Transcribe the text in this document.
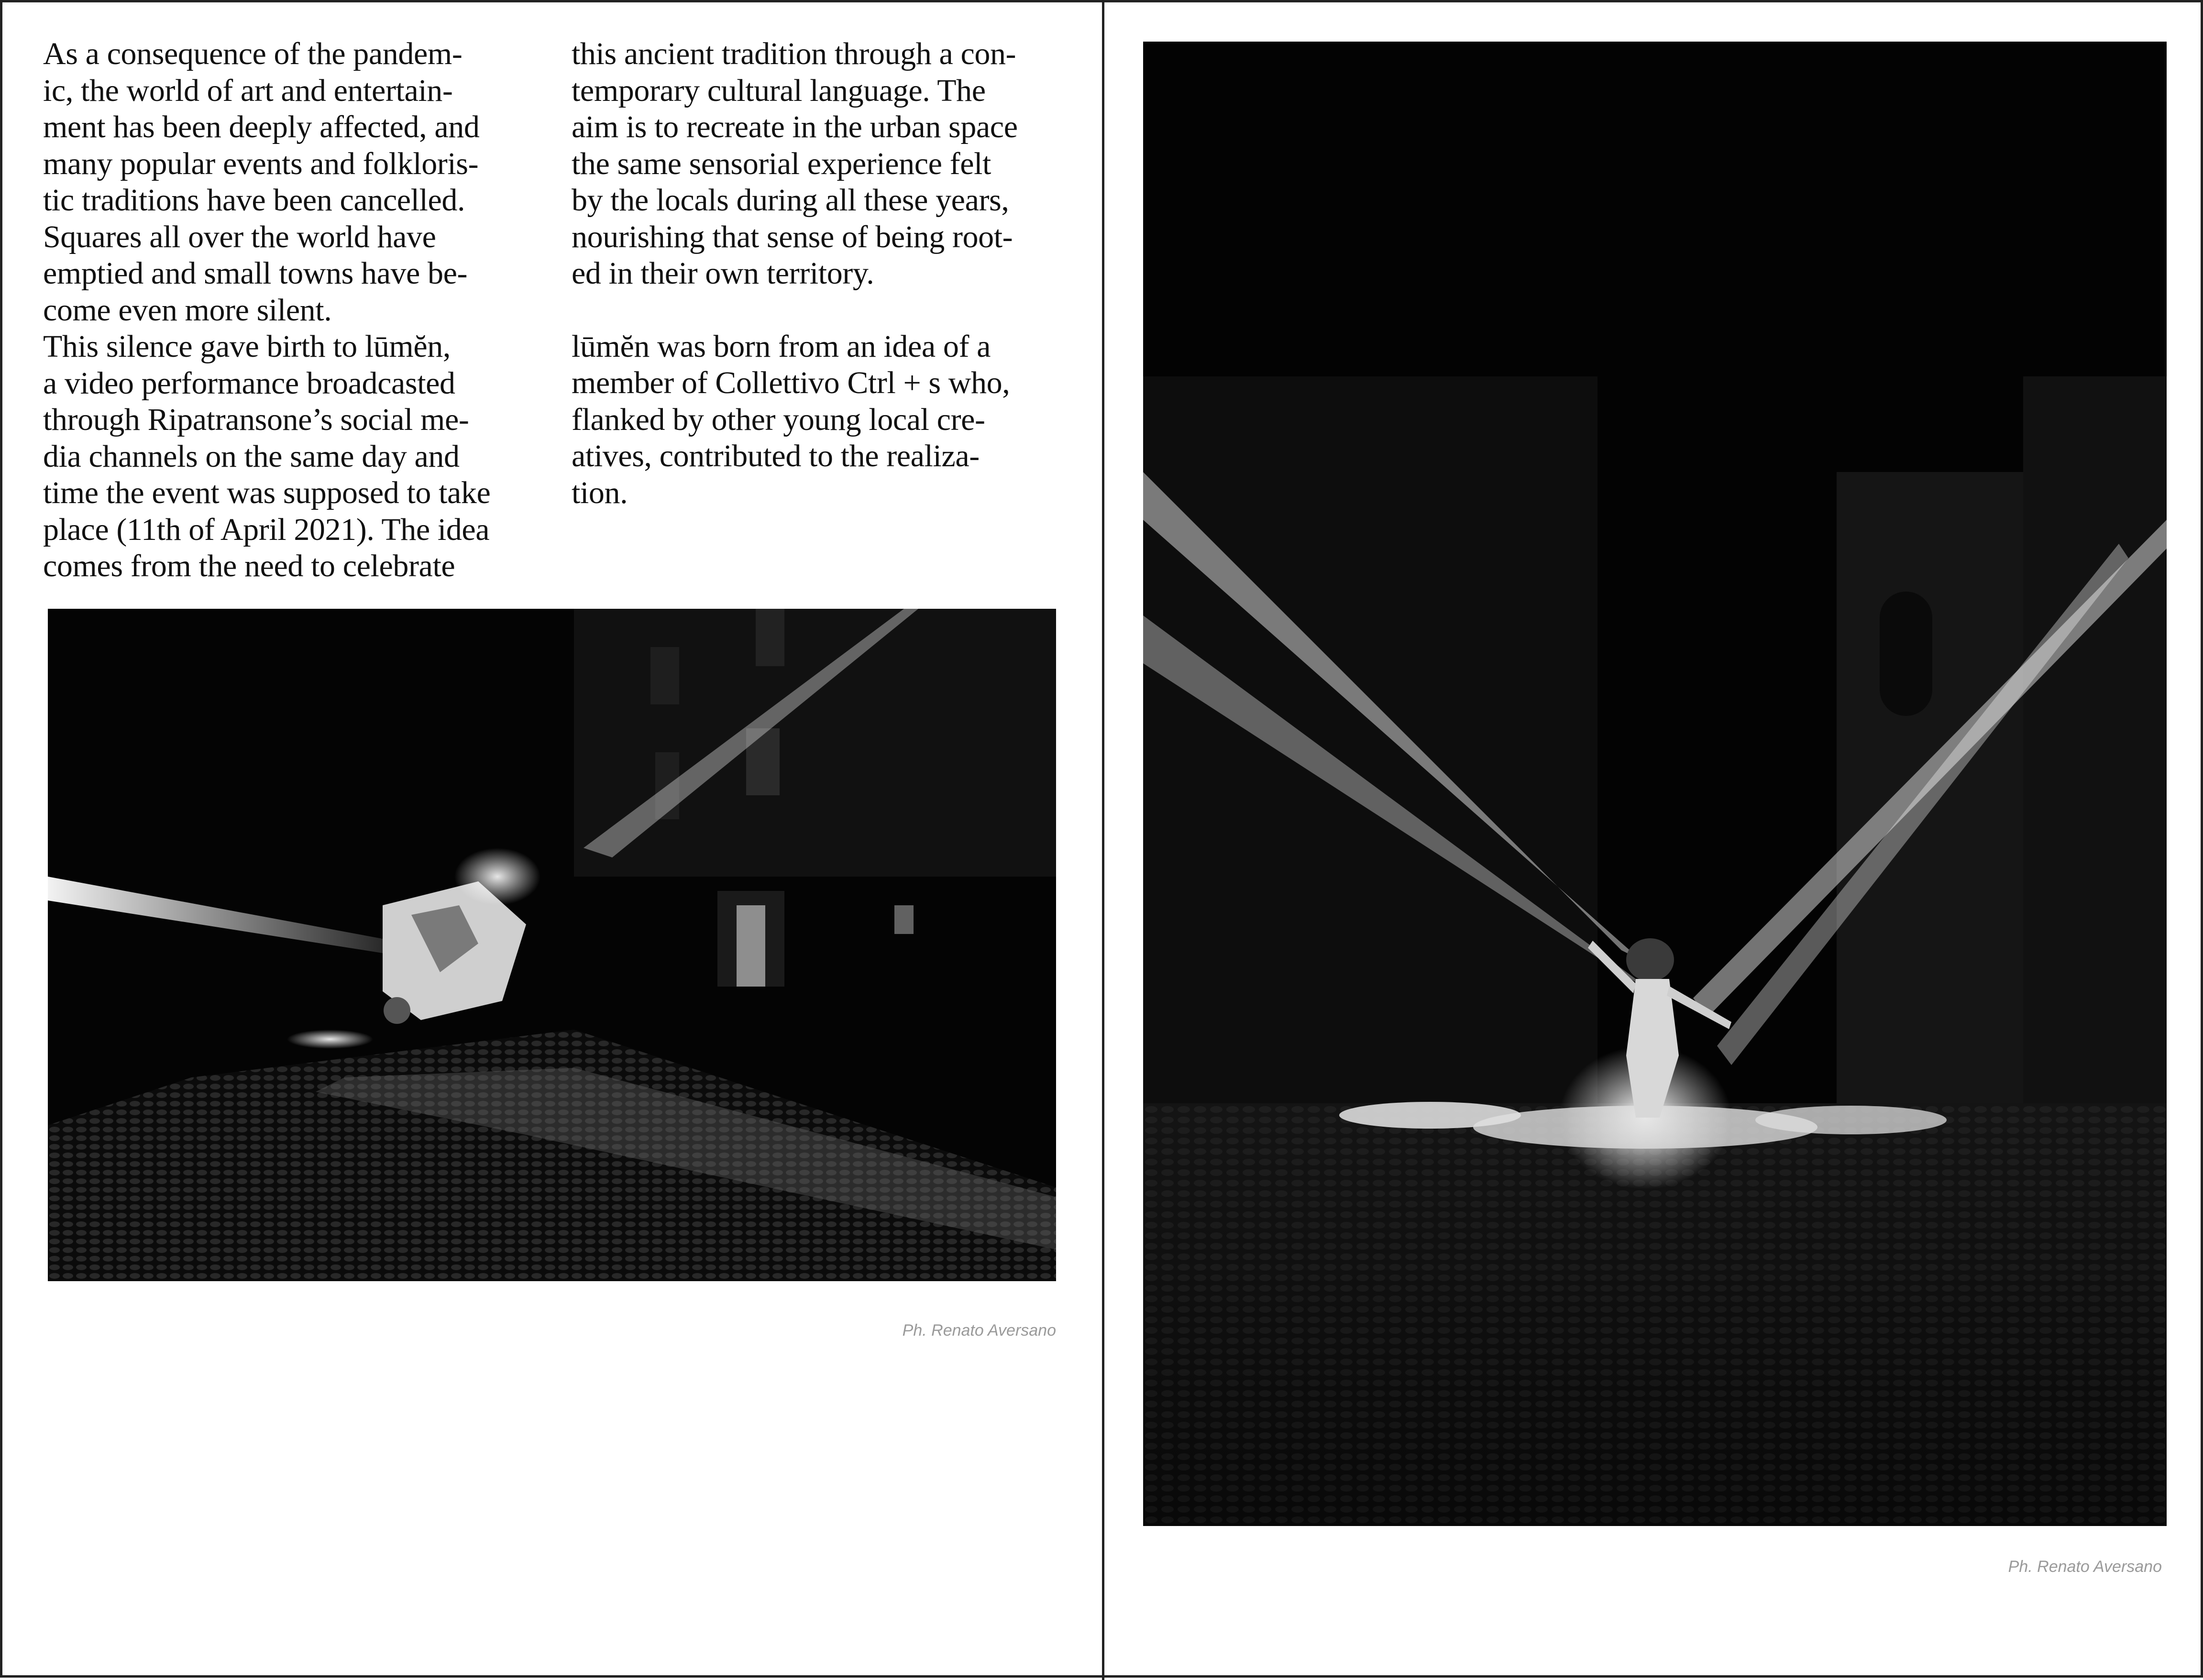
As a consequence of the pandem-
ic, the world of art and entertain-
ment has been deeply affected, and
many popular events and folkloris-
tic traditions have been cancelled.
Squares all over the world have
emptied and small towns have be-
come even more silent.

This silence gave birth to lūmĕn,
a video performance broadcasted
through Ripatransone’s social me-
dia channels on the same day and
time the event was supposed to take
place (11th of April 2021). The idea
comes from the need to celebrate

this ancient tradition through a con-
temporary cultural language. The
aim is to recreate in the urban space
the same sensorial experience felt
by the locals during all these years,
nourishing that sense of being root-
ed in their own territory.

lūmĕn was born from an idea of a
member of Collettivo Ctrl + s who,
flanked by other young local cre-
atives, contributed to the realiza-
tion.

Ph. Renato Aversano
Ph. Renato Aversano
